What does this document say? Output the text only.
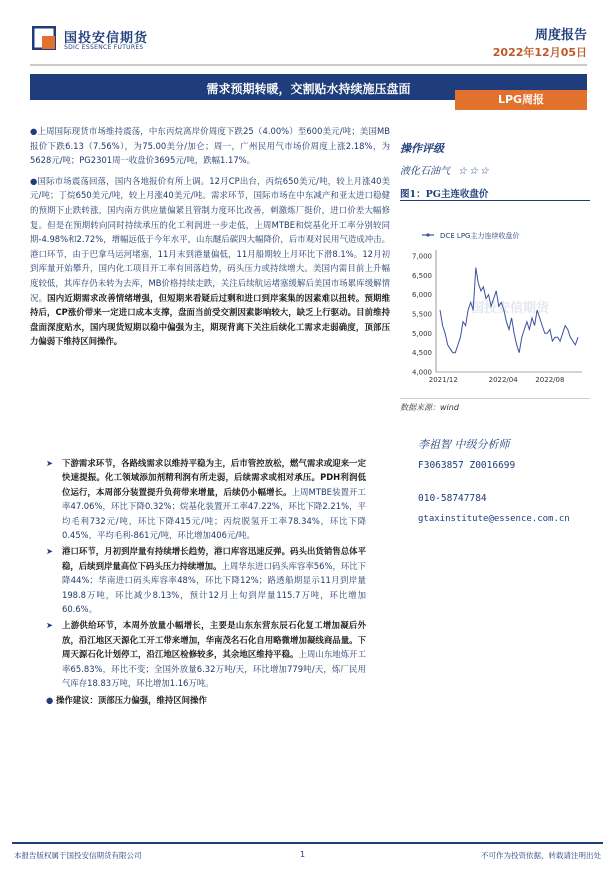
国投安信期货
SDIC ESSENCE FUTURES
周度报告
2022年12月05日
需求预期转暖，交割贴水持续施压盘面
LPG周报

●上周国际现货市场维持震荡，中东丙烷离岸价周度下跌25（4.00%）至600美元/吨；美国MB报价下跌6.13（7.56%），为75.00美分/加仑；周一，广州民用气市场价周度上涨2.18%，为5628元/吨；PG2301周一收盘价3695元/吨，跌幅1.17%。

●国际市场震荡回落，国内各地报价有所上调。12月CP出台，丙烷650美元/吨，较上月涨40美元/吨；丁烷650美元/吨，较上月涨40美元/吨。需求环节，国际市场在中东减产和亚太进口稳健的预期下止跌转涨，国内南方供应量偏紧且管制力度环比改善，刺激炼厂挺价，进口价差大幅修复。但是在预期转向同时持续承压的化工利润进一步走低，上周MTBE和烷基化开工率分别较同期-4.98%和2.72%，增幅远低于今年水平，山东醚后碳四大幅降价，后市观对民用气造成冲击。港口环节，由于巴拿马运河堵塞，11月末到港量偏低，11月船期较上月环比下滑8.1%。12月初到库量开始攀升，国内化工项目开工率有回落趋势，码头压力或持续增大。美国内需目前上升幅度较低，其库存仍未转为去库，MB价格持续走跌，关注后续航运堵塞缓解后美国市场累库缓解情况。国内近期需求改善情绪增强，但短期来看疑后过剩和进口到岸案集的因素难以扭转。预期维持后，CP涨价带来一定进口成本支撑，盘面当前受交割因素影响较大，缺乏上行驱动。目前维持盘面深度贴水，国内现货短期以稳中偏强为主，期现背离下关注后续化工需求走弱确度，顶部压力偏弱下维持区间操作。

➤ 下游需求环节，各路线需求以维持平稳为主，后市管控放松，燃气需求或迎来一定快速提振。化工领域添加剂精利润有所走弱，后续需求或相对承压。PDH利润低位运行，本周部分装置提升负荷带来增量，后续仍小幅增长。上周MTBE装置开工率47.06%，环比下降0.32%；烷基化装置开工率47.22%，环比下降2.21%，平均毛利732元/吨，环比下降415元/吨；丙烷脱氢开工率78.34%，环比下降0.45%，平均毛利-861元/吨，环比增加406元/吨。
➤ 港口环节，月初到岸量有持续增长趋势，港口库容迅速反弹。码头出货销售总体平稳，后续到岸量高位下码头压力持续增加。上周华东进口码头库容率56%，环比下降44%；华南进口码头库容率48%，环比下降12%；路透船期显示11月到岸量198.8万吨，环比减少8.13%，预计12月上旬到岸量115.7万吨，环比增加60.6%。
➤ 上游供给环节，本周外放量小幅增长，主要是山东东营东辰石化复工增加凝后外放，沿江地区天源化工开工带来增加，华南茂名石化自用略微增加凝线商品量。下周天源石化计划停工，沿江地区检修较多，其余地区维持平稳。上周山东地炼开工率65.83%，环比不变；全国外放量6.32万吨/天，环比增加779吨/天，炼厂民用气库存18.83万吨，环比增加1.16万吨。
● 操作建议：顶部压力偏强，维持区间操作
操作评级
液化石油气 ☆☆☆
图1：PG主连收盘价
国投安信期货
DCE LPG主力连续收盘价
4,000
4,500
5,000
5,500
6,000
6,500
7,000
2021/12	2022/04	2022/08
数据来源：wind
李祖智 中级分析师
F3063857 Z0016699
010-58747784
gtaxinstitute@essence.com.cn
本报告版权属于国投安信期货有限公司	1	不可作为投资依据，转载请注明出处
